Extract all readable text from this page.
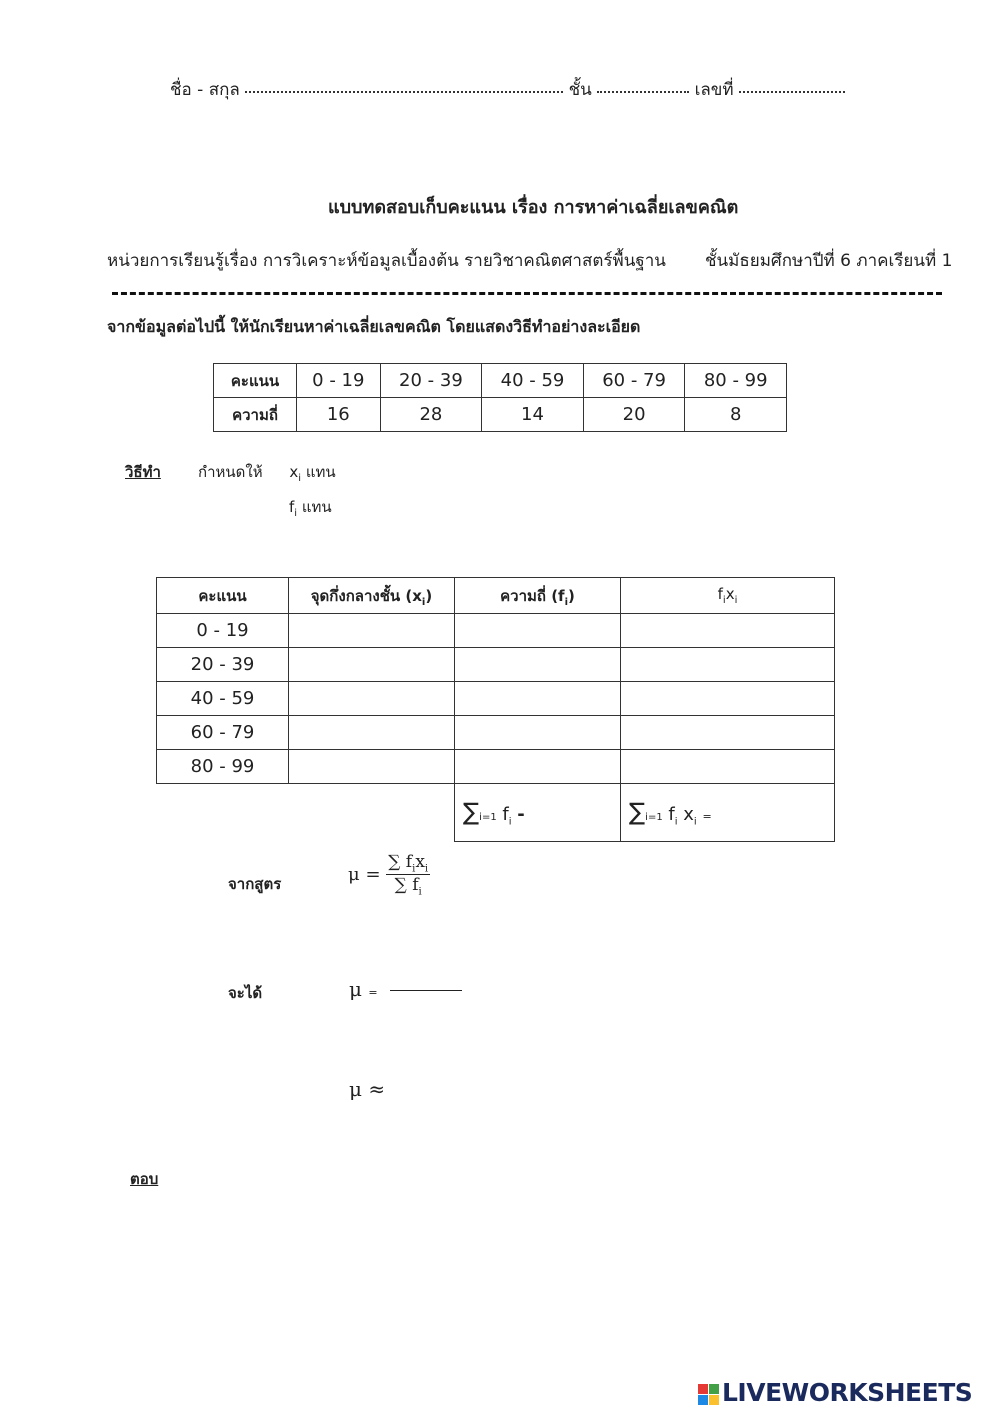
ชื่อ - สกุล	ชั้น	เลขที่
แบบทดสอบเก็บคะแนน เรื่อง การหาค่าเฉลี่ยเลขคณิต
หน่วยการเรียนรู้เรื่อง การวิเคราะห์ข้อมูลเบื้องต้น รายวิชาคณิตศาสตร์พื้นฐาน ชั้นมัธยมศึกษาปีที่ 6 ภาคเรียนที่ 1
จากข้อมูลต่อไปนี้ ให้นักเรียนหาค่าเฉลี่ยเลขคณิต โดยแสดงวิธีทำอย่างละเอียด
คะแนน	0 - 19	20 - 39	40 - 59	60 - 79	80 - 99
ความถี่	16	28	14	20	8
วิธีทำ กำหนดให้ $x_i$ แทน
$f_i$ แทน
คะแนน	จุดกึ่งกลางชั้น $(x_i)$	ความถี่ $(f_i)$	$f_ix_i$
0 - 19			
20 - 39			
40 - 59			
60 - 79			
80 - 99			
		∑i=1 $f_i$ -	∑i=1 $f_i$ $x_i$ =
จากสูตร	$\mu = \frac{\sum f_ix_i}{\sum f_i}$
จะได้	μ =
μ ≈
ตอบ
LIVEWORKSHEETS
